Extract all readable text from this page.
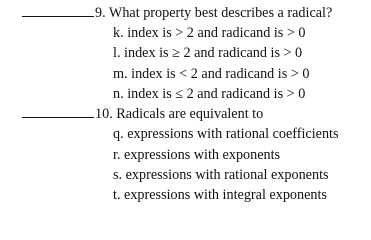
9. What property best describes a radical?
k. index is > 2 and radicand is > 0
l. index is ≥ 2 and radicand is > 0
m. index is < 2 and radicand is > 0
n. index is ≤ 2 and radicand is > 0
10. Radicals are equivalent to
q. expressions with rational coefficients
r. expressions with exponents
s. expressions with rational exponents
t. expressions with integral exponents
